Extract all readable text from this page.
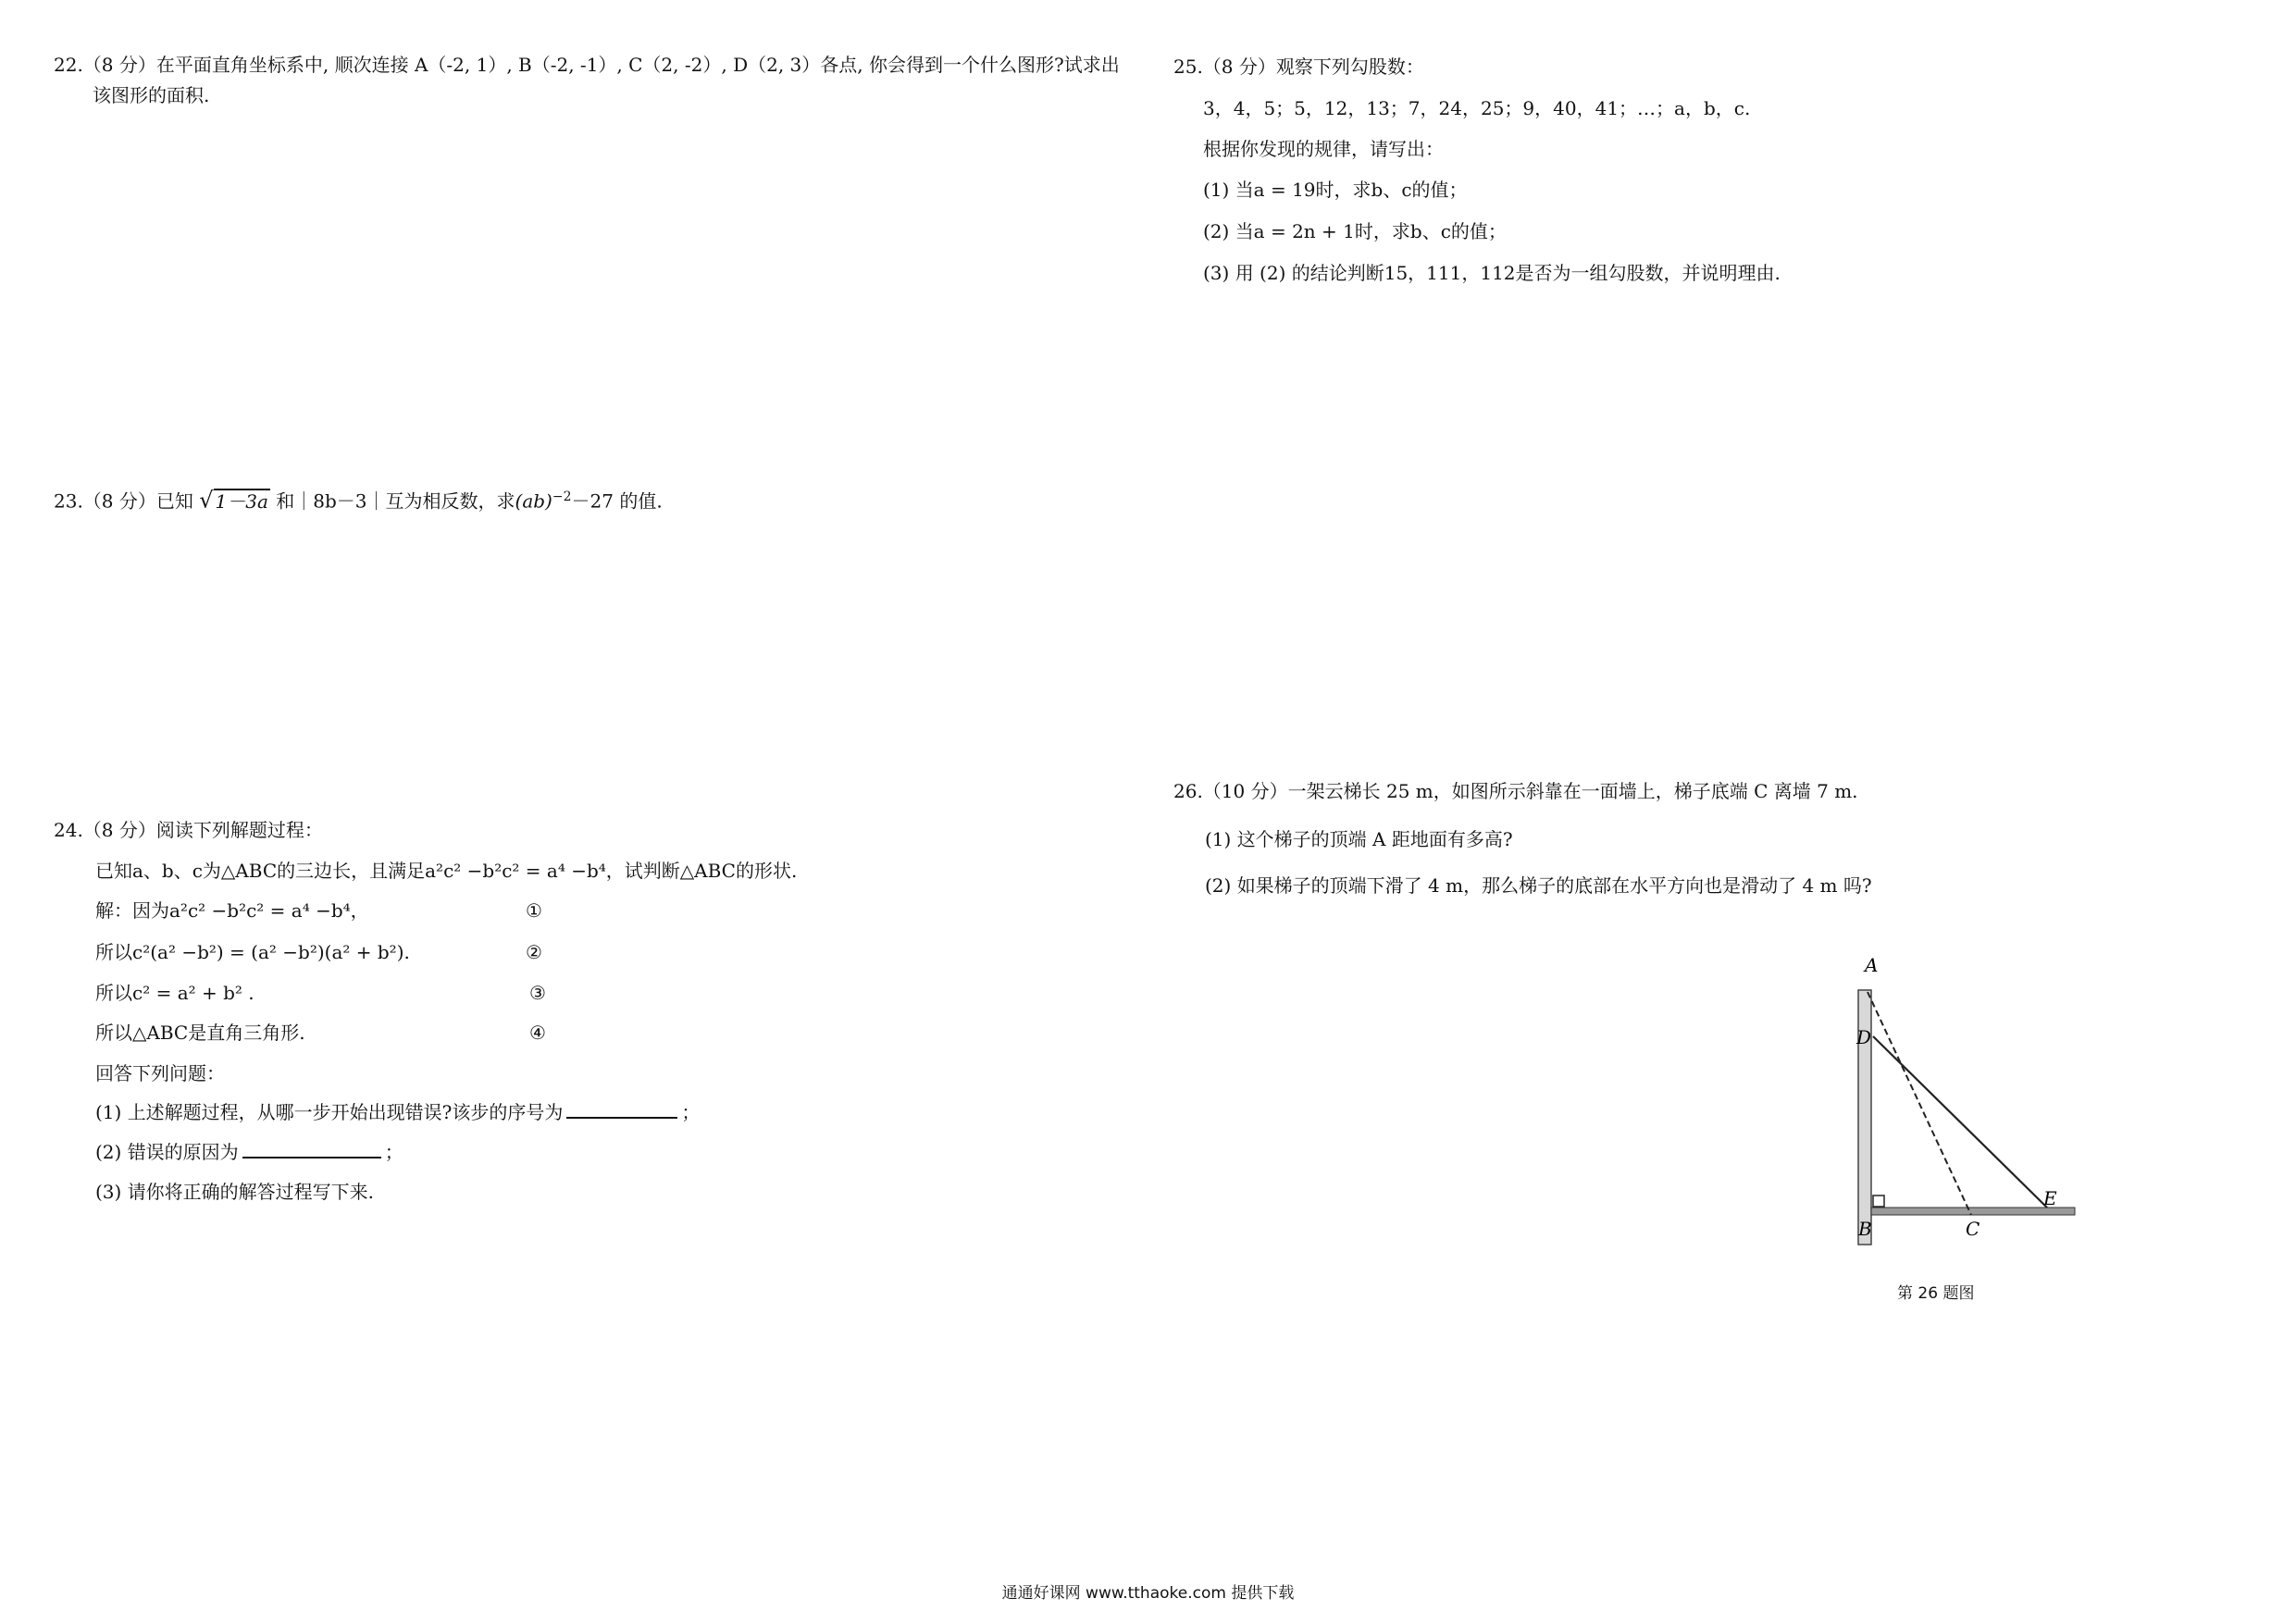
22.（8 分）在平面直角坐标系中, 顺次连接 A（-2, 1）, B（-2, -1）, C（2, -2）, D（2, 3）各点, 你会得到一个什么图形?试求出
该图形的面积.
23.（8 分）已知 √ 1－3a 和｜8b－3｜互为相反数，求(ab)$^{-2}$－27 的值.
24.（8 分）阅读下列解题过程：
已知a、b、c为△ABC的三边长，且满足a²c² −b²c² = a⁴ −b⁴，试判断△ABC的形状.
解：因为a²c² −b²c² = a⁴ −b⁴，	①
所以c²(a² −b²) = (a² −b²)(a² + b²).	②
所以c² = a² + b² .	③
所以△ABC是直角三角形.	④
回答下列问题：
(1) 上述解题过程，从哪一步开始出现错误?该步的序号为	；
(2) 错误的原因为	；
(3) 请你将正确的解答过程写下来.
25.（8 分）观察下列勾股数：
3，4，5；5，12，13；7，24，25；9，40，41；…；a，b，c.
根据你发现的规律，请写出：
(1) 当a = 19时，求b、c的值；
(2) 当a = 2n + 1时，求b、c的值；
(3) 用 (2) 的结论判断15，111，112是否为一组勾股数，并说明理由.
26.（10 分）一架云梯长 25 m，如图所示斜靠在一面墙上，梯子底端 C 离墙 7 m.
(1) 这个梯子的顶端 A 距地面有多高?
(2) 如果梯子的顶端下滑了 4 m，那么梯子的底部在水平方向也是滑动了 4 m 吗?
A
D
B	C
E
第 26 题图
通通好课网 www.tthaoke.com 提供下载
